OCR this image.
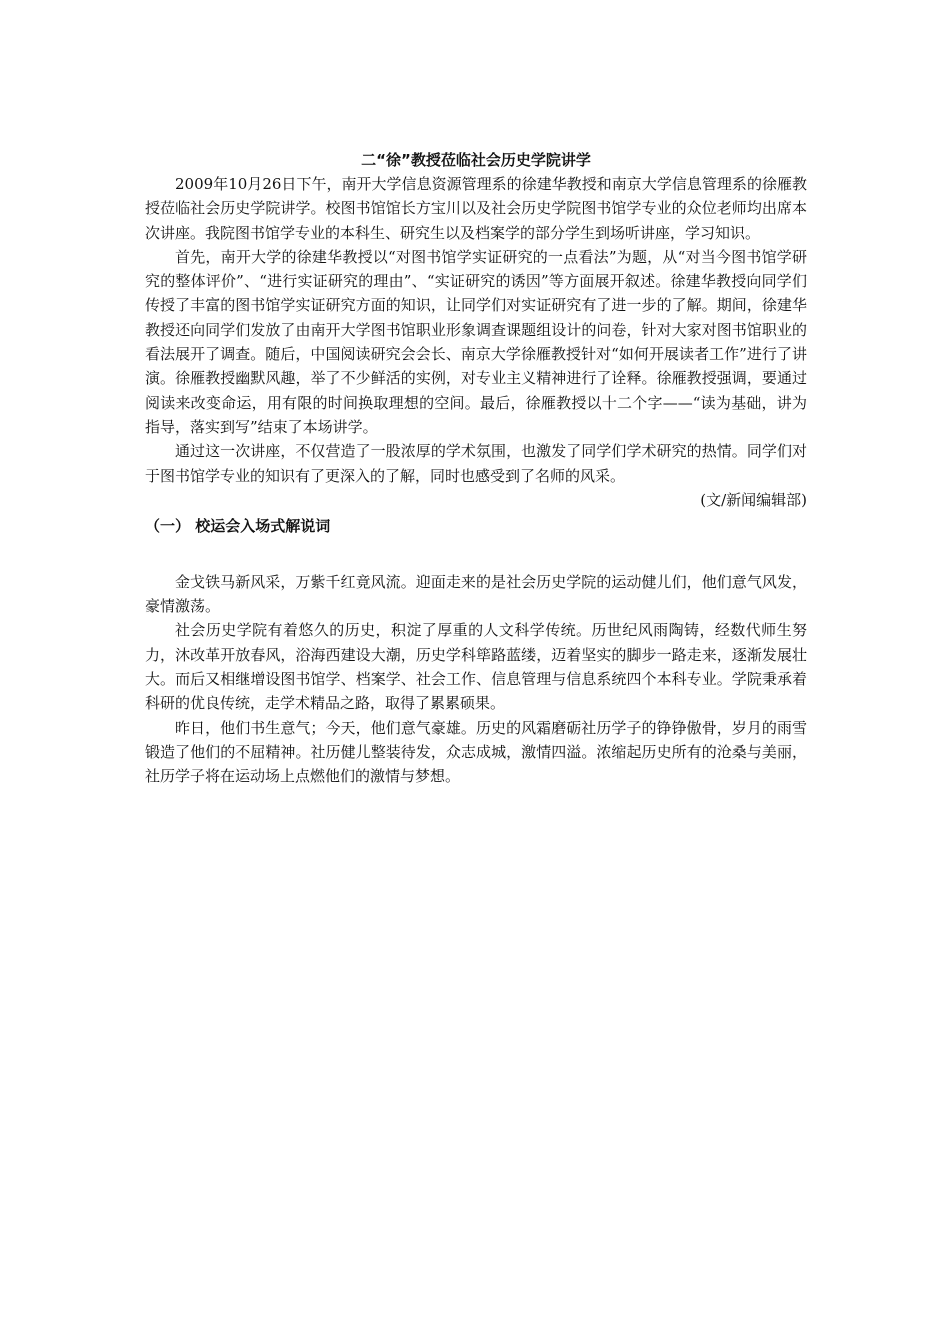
二“徐”教授莅临社会历史学院讲学

2009年10月26日下午，南开大学信息资源管理系的徐建华教授和南京大学信息管理系的徐雁教授莅临社会历史学院讲学。校图书馆馆长方宝川以及社会历史学院图书馆学专业的众位老师均出席本次讲座。我院图书馆学专业的本科生、研究生以及档案学的部分学生到场听讲座，学习知识。

首先，南开大学的徐建华教授以“对图书馆学实证研究的一点看法”为题，从“对当今图书馆学研究的整体评价”、“进行实证研究的理由”、“实证研究的诱因”等方面展开叙述。徐建华教授向同学们传授了丰富的图书馆学实证研究方面的知识，让同学们对实证研究有了进一步的了解。期间，徐建华教授还向同学们发放了由南开大学图书馆职业形象调查课题组设计的问卷，针对大家对图书馆职业的看法展开了调查。随后，中国阅读研究会会长、南京大学徐雁教授针对“如何开展读者工作”进行了讲演。徐雁教授幽默风趣，举了不少鲜活的实例，对专业主义精神进行了诠释。徐雁教授强调，要通过阅读来改变命运，用有限的时间换取理想的空间。最后，徐雁教授以十二个字——“读为基础，讲为指导，落实到写”结束了本场讲学。

通过这一次讲座，不仅营造了一股浓厚的学术氛围，也激发了同学们学术研究的热情。同学们对于图书馆学专业的知识有了更深入的了解，同时也感受到了名师的风采。

(文/新闻编辑部)
（一） 校运会入场式解说词

金戈铁马新风采，万紫千红竟风流。迎面走来的是社会历史学院的运动健儿们，他们意气风发，豪情激荡。

社会历史学院有着悠久的历史，积淀了厚重的人文科学传统。历世纪风雨陶铸，经数代师生努力，沐改革开放春风，浴海西建设大潮，历史学科筚路蓝缕，迈着坚实的脚步一路走来，逐渐发展壮大。而后又相继增设图书馆学、档案学、社会工作、信息管理与信息系统四个本科专业。学院秉承着科研的优良传统，走学术精品之路，取得了累累硕果。

昨日，他们书生意气；今天，他们意气豪雄。历史的风霜磨砺社历学子的铮铮傲骨，岁月的雨雪锻造了他们的不屈精神。社历健儿整装待发，众志成城，激情四溢。浓缩起历史所有的沧桑与美丽，社历学子将在运动场上点燃他们的激情与梦想。
